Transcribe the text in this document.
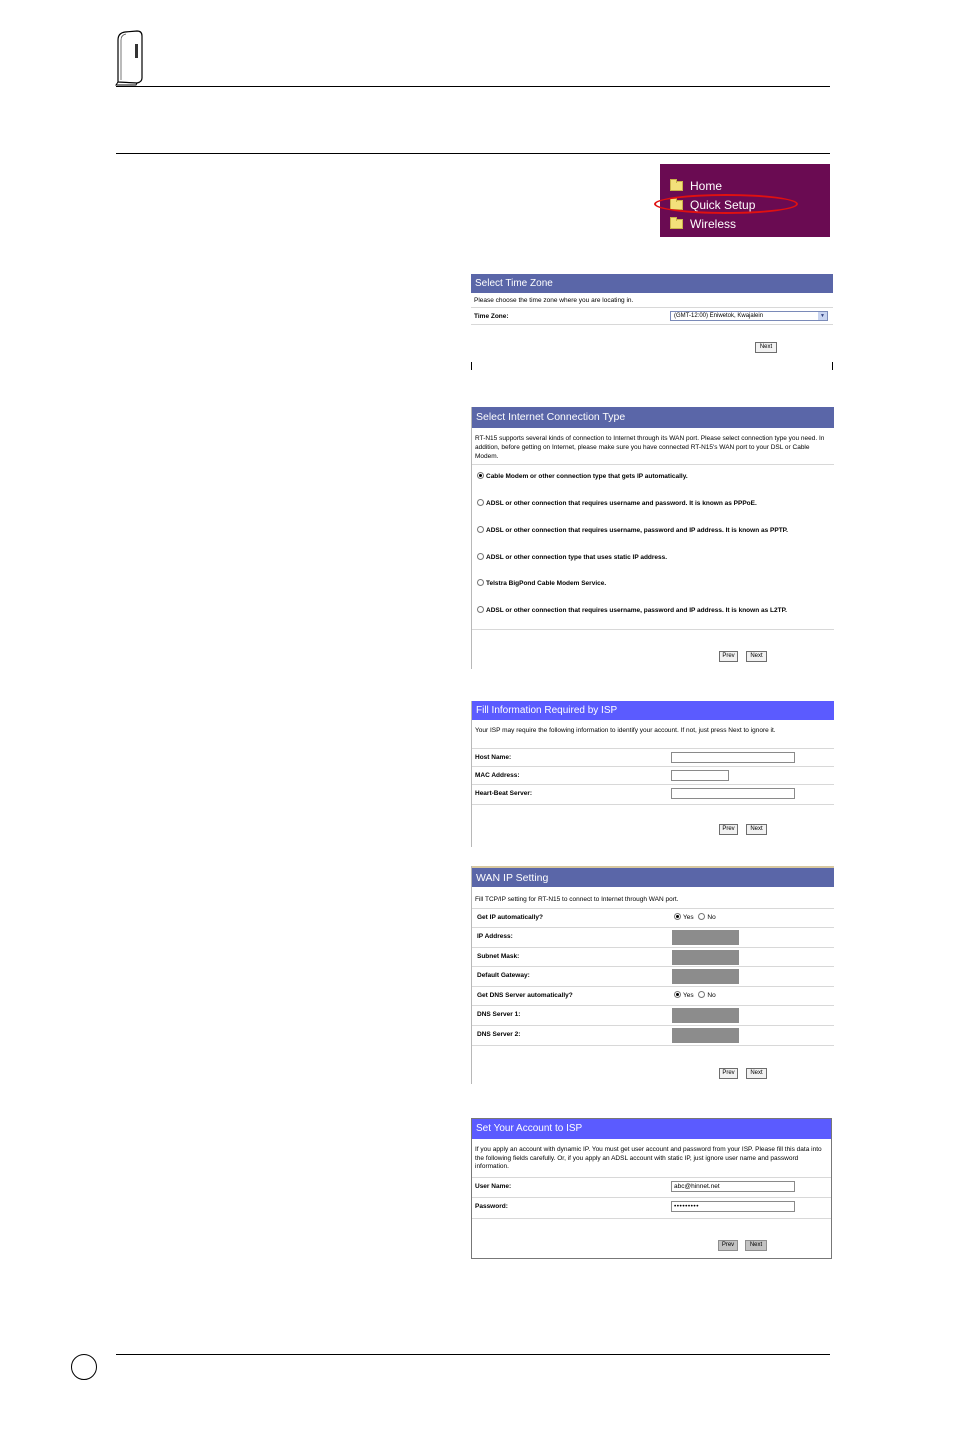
Home
Quick Setup
Wireless
Select Time Zone
Please choose the time zone where you are locating in.
Time Zone:	(GMT-12:00) Eniwetok, Kwajalein	▼
Next
Select Internet Connection Type
RT-N15 supports several kinds of connection to Internet through its WAN port. Please select connection type you need. In addition, before getting on Internet, please make sure you have connected RT-N15's WAN port to your DSL or Cable Modem.
Cable Modem or other connection type that gets IP automatically.
ADSL or other connection that requires username and password. It is known as PPPoE.
ADSL or other connection that requires username, password and IP address. It is known as PPTP.
ADSL or other connection type that uses static IP address.
Telstra BigPond Cable Modem Service.
ADSL or other connection that requires username, password and IP address. It is known as L2TP.
Prev	Next
Fill Information Required by ISP
Your ISP may require the following information to identify your account. If not, just press Next to ignore it.
Host Name:
MAC Address:
Heart-Beat Server:
Prev	Next
WAN IP Setting
Fill TCP/IP setting for RT-N15 to connect to Internet through WAN port.
Get IP automatically?	Yes No
IP Address:
Subnet Mask:
Default Gateway:
Get DNS Server automatically?	Yes No
DNS Server 1:
DNS Server 2:
Prev	Next
Set Your Account to ISP
If you apply an account with dynamic IP. You must get user account and password from your ISP. Please fill this data into the following fields carefully. Or, if you apply an ADSL account with static IP, just ignore user name and password information.
User Name:	abc@hinnet.net
Password:	•••••••••
Prev	Next
